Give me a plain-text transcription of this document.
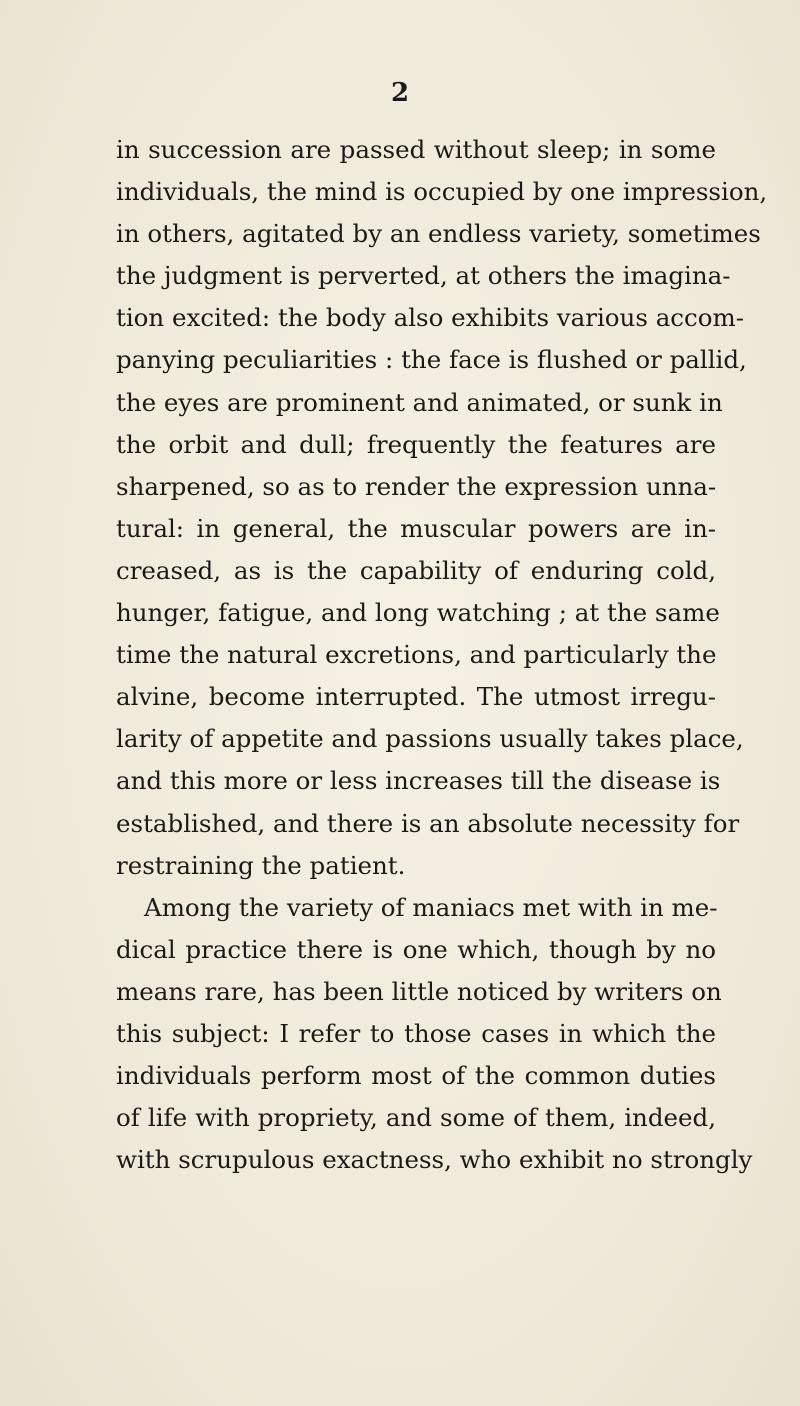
2
in succession are passed without sleep; in some
individuals, the mind is occupied by one impression,
in others, agitated by an endless variety, sometimes
the judgment is perverted, at others the imagina-
tion excited: the body also exhibits various accom-
panying peculiarities : the face is flushed or pallid,
the eyes are prominent and animated, or sunk in
the orbit and dull; frequently the features are
sharpened, so as to render the expression unna-
tural: in general, the muscular powers are in-
creased, as is the capability of enduring cold,
hunger, fatigue, and long watching ; at the same
time the natural excretions, and particularly the
alvine, become interrupted. The utmost irregu-
larity of appetite and passions usually takes place,
and this more or less increases till the disease is
established, and there is an absolute necessity for
restraining the patient.
Among the variety of maniacs met with in me-
dical practice there is one which, though by no
means rare, has been little noticed by writers on
this subject: I refer to those cases in which the
individuals perform most of the common duties
of life with propriety, and some of them, indeed,
with scrupulous exactness, who exhibit no strongly
